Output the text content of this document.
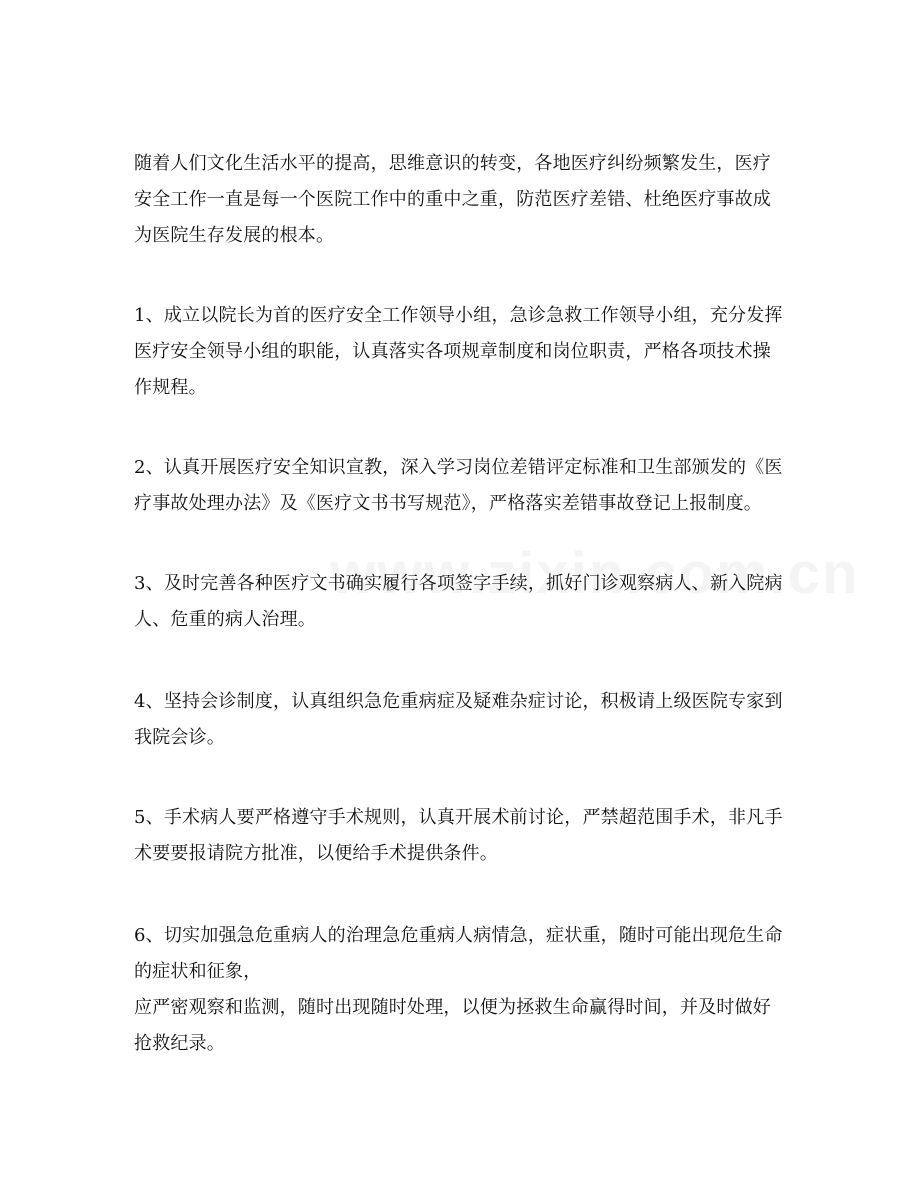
随着人们文化生活水平的提高，思维意识的转变，各地医疗纠纷频繁发生，医疗安全工作一直是每一个医院工作中的重中之重，防范医疗差错、杜绝医疗事故成为医院生存发展的根本。

1、成立以院长为首的医疗安全工作领导小组，急诊急救工作领导小组，充分发挥医疗安全领导小组的职能，认真落实各项规章制度和岗位职责，严格各项技术操作规程。

2、认真开展医疗安全知识宣教，深入学习岗位差错评定标准和卫生部颁发的《医疗事故处理办法》及《医疗文书书写规范》，严格落实差错事故登记上报制度。

3、及时完善各种医疗文书确实履行各项签字手续，抓好门诊观察病人、新入院病人、危重的病人治理。

4、坚持会诊制度，认真组织急危重病症及疑难杂症讨论，积极请上级医院专家到我院会诊。

5、手术病人要严格遵守手术规则，认真开展术前讨论，严禁超范围手术，非凡手术要要报请院方批准，以便给手术提供条件。

6、切实加强急危重病人的治理急危重病人病情急，症状重，随时可能出现危生命的症状和征象，

应严密观察和监测，随时出现随时处理，以便为拯救生命赢得时间，并及时做好抢救纪录。
